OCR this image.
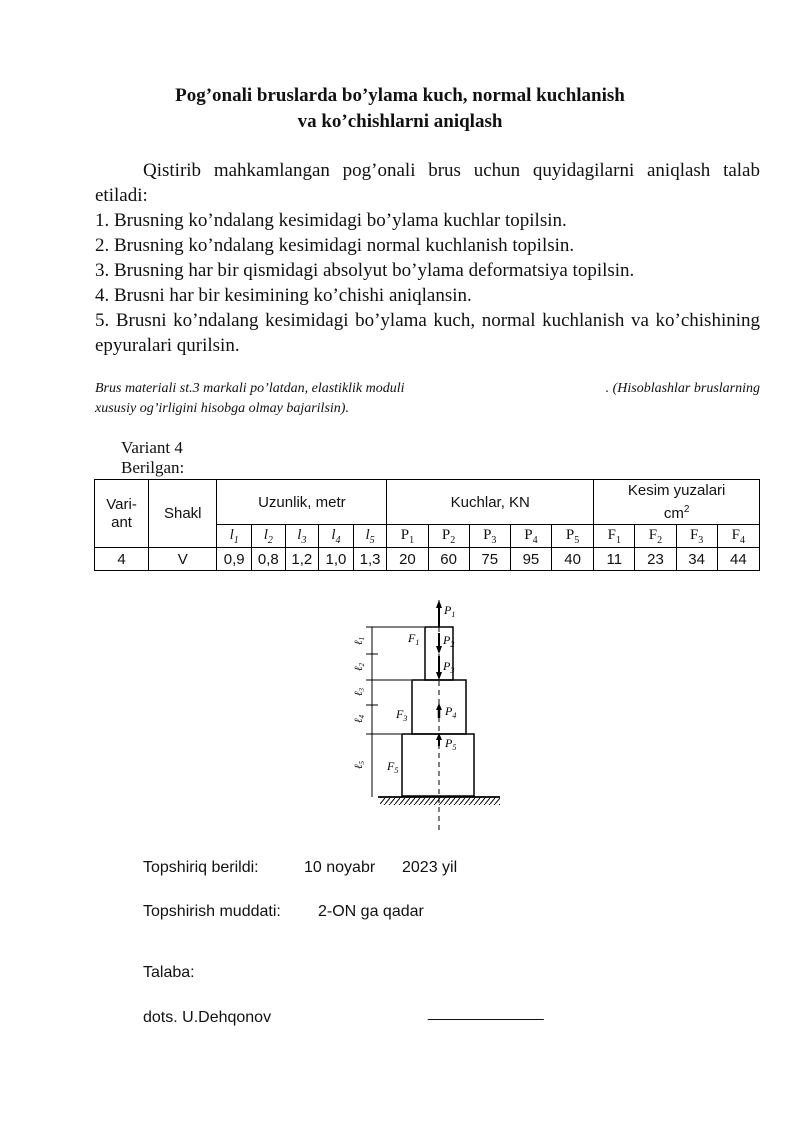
Pog’onali bruslarda bo’ylama kuch, normal kuchlanish
va ko’chishlarni aniqlash
Qistirib mahkamlangan pog’onali brus uchun quyidagilarni aniqlash talab etiladi:
1. Brusning ko’ndalang kesimidagi bo’ylama kuchlar topilsin.
2. Brusning ko’ndalang kesimidagi normal kuchlanish topilsin.
3. Brusning har bir qismidagi absolyut bo’ylama deformatsiya topilsin.
4. Brusni har bir kesimining ko’chishi aniqlansin.
5. Brusni ko’ndalang kesimidagi bo’ylama kuch, normal kuchlanish va ko’chishining epyuralari qurilsin.
Brus materiali st.3 markali po’latdan, elastiklik moduli	. (Hisoblashlar bruslarning
xususiy og’irligini hisobga olmay bajarilsin).
Variant 4
Berilgan:
Vari-ant	Shakl	Uzunlik, metr					Kuchlar, KN					Kesim yuzalari
$cm^2$
		$l_1$	$l_2$	$l_3$	$l_4$	$l_5$	$P_1$	$P_2$	$P_3$	$P_4$	$P_5$	$F_1$	$F_2$	$F_3$	$F_4$
4	V	0,9	0,8	1,2	1,0	1,3	20	60	75	95	40	11	23	34	44
$P_1$
$P_2$
$P_3$
$P_4$
$P_5$
$F_1$
$F_3$
$F_5$
ℓ1
ℓ2
ℓ3
ℓ4
ℓ5
Topshiriq berildi:	10 noyabr 2023 yil
Topshirish muddati: 2-ON ga qadar
Talaba:
dots. U.Dehqonov	_____________
